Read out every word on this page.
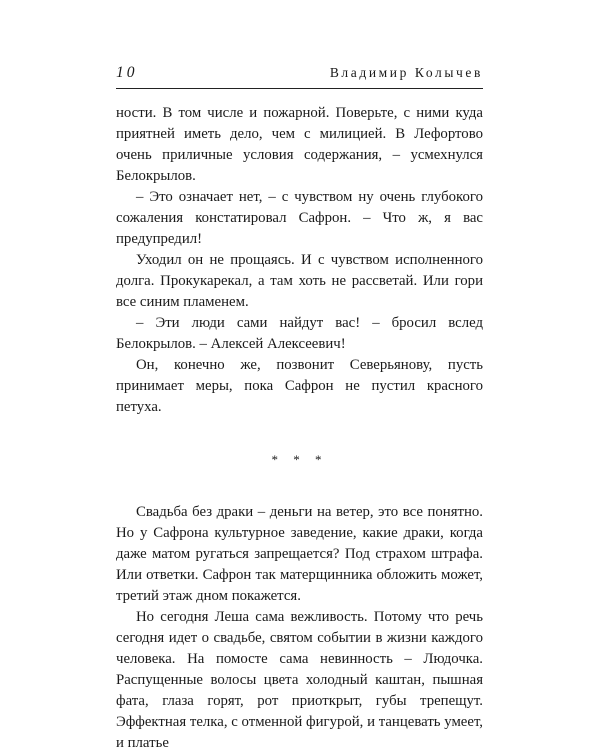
10	Владимир Колычев

ности. В том числе и пожарной. Поверьте, с ними куда приятней иметь дело, чем с милицией. В Лефортово очень приличные условия содержания, – усмехнулся Белокрылов.

– Это означает нет, – с чувством ну очень глубокого сожаления констатировал Сафрон. – Что ж, я вас предупредил!

Уходил он не прощаясь. И с чувством исполненного долга. Прокукарекал, а там хоть не рассветай. Или гори все синим пламенем.

– Эти люди сами найдут вас! – бросил вслед Белокрылов. – Алексей Алексеевич!

Он, конечно же, позвонит Северьянову, пусть принимает меры, пока Сафрон не пустил красного петуха.

* * *

Свадьба без драки – деньги на ветер, это все понятно. Но у Сафрона культурное заведение, какие драки, когда даже матом ругаться запрещается? Под страхом штрафа. Или ответки. Сафрон так матерщинника обложить может, третий этаж дном покажется.

Но сегодня Леша сама вежливость. Потому что речь сегодня идет о свадьбе, святом событии в жизни каждого человека. На помосте сама невинность – Людочка. Распущенные волосы цвета холодный каштан, пышная фата, глаза горят, рот приоткрыт, губы трепещут. Эффектная телка, с отменной фигурой, и танцевать умеет, и платье
